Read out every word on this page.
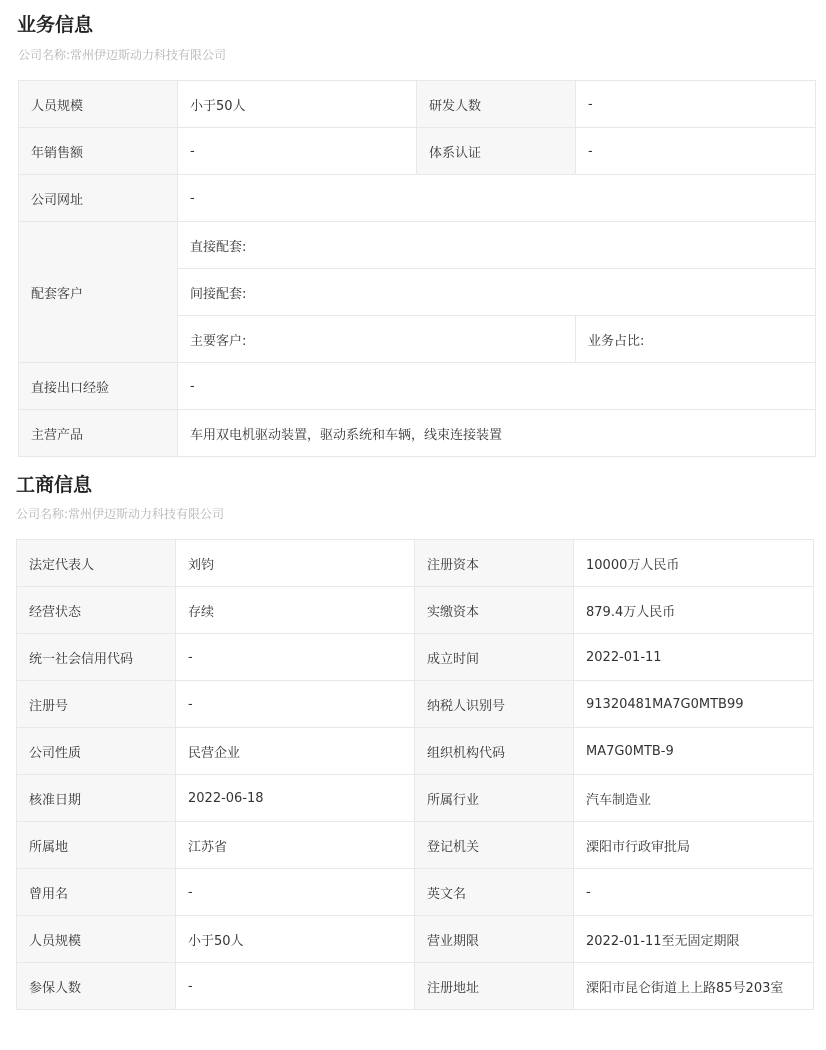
业务信息
公司名称:常州伊迈斯动力科技有限公司
人员规模	小于50人	研发人数	-
年销售额	-	体系认证	-
公司网址	-		
配套客户	直接配套:		
	间接配套:		
	主要客户:		业务占比:
直接出口经验	-		
主营产品	车用双电机驱动装置，驱动系统和车辆，线束连接装置		
工商信息
公司名称:常州伊迈斯动力科技有限公司
法定代表人	刘钧	注册资本	10000万人民币
经营状态	存续	实缴资本	879.4万人民币
统一社会信用代码	-	成立时间	2022-01-11
注册号	-	纳税人识别号	91320481MA7G0MTB99
公司性质	民营企业	组织机构代码	MA7G0MTB-9
核准日期	2022-06-18	所属行业	汽车制造业
所属地	江苏省	登记机关	溧阳市行政审批局
曾用名	-	英文名	-
人员规模	小于50人	营业期限	2022-01-11至无固定期限
参保人数	-	注册地址	溧阳市昆仑街道上上路85号203室
